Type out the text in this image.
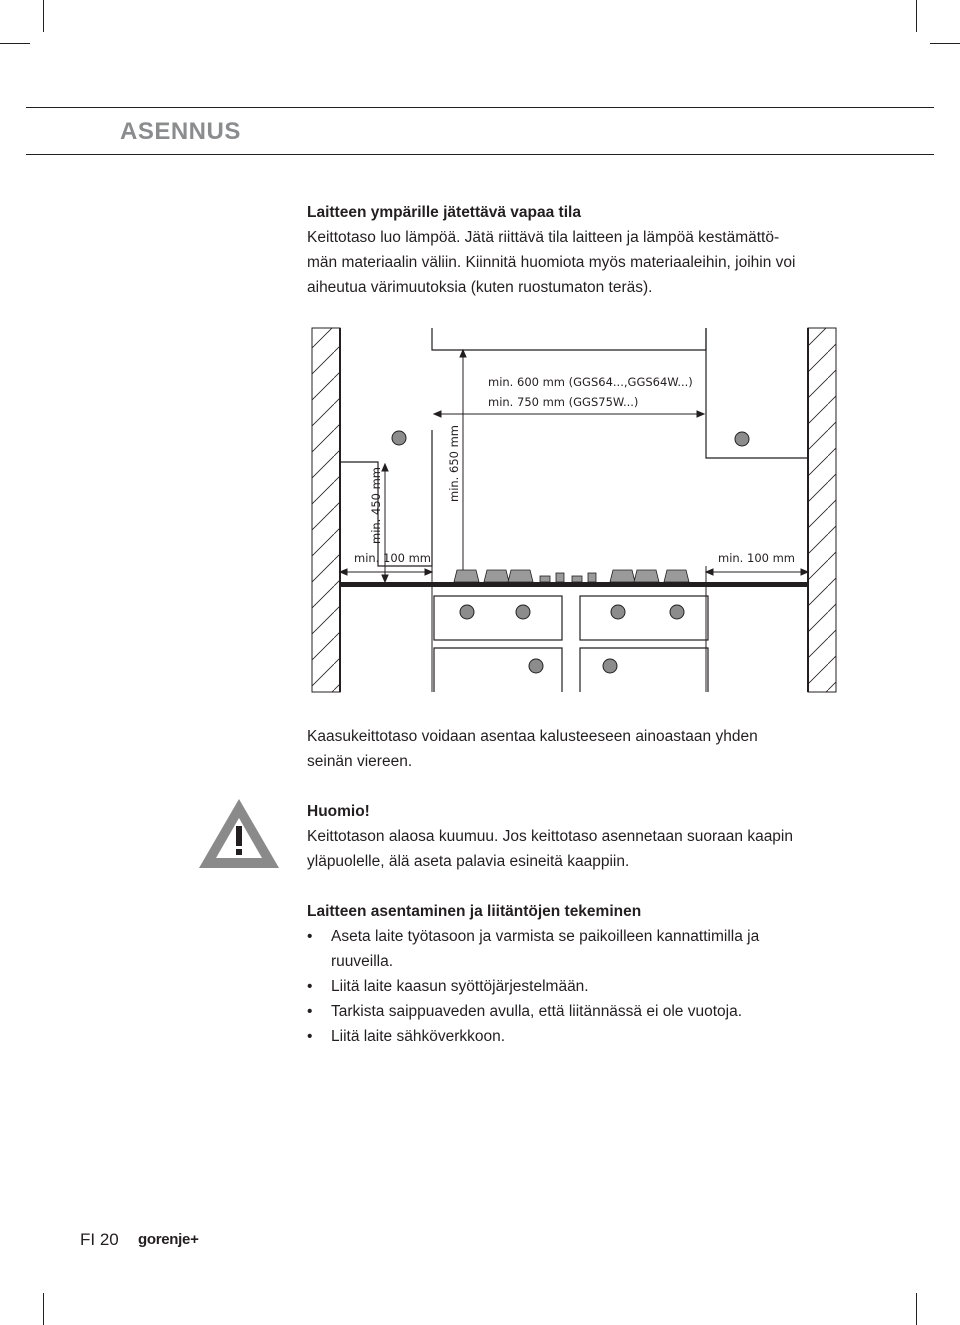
ASENNUS
Laitteen ympärille jätettävä vapaa tila
Keittotaso luo lämpöä. Jätä riittävä tila laitteen ja lämpöä kestämättö-
män materiaalin väliin. Kiinnitä huomiota myös materiaaleihin, joihin voi
aiheutua värimuutoksia (kuten ruostumaton teräs).
min. 600 mm (GGS64...,GGS64W...)
min. 750 mm (GGS75W...)
min. 650 mm
min. 450 mm
min. 100 mm	min. 100 mm
Kaasukeittotaso voidaan asentaa kalusteeseen ainoastaan yhden
seinän viereen.
Huomio!
Keittotason alaosa kuumuu. Jos keittotaso asennetaan suoraan kaapin
yläpuolelle, älä aseta palavia esineitä kaappiin.
Laitteen asentaminen ja liitäntöjen tekeminen
• Aseta laite työtasoon ja varmista se paikoilleen kannattimilla ja ruuveilla.
• Liitä laite kaasun syöttöjärjestelmään.
• Tarkista saippuaveden avulla, että liitännässä ei ole vuotoja.
• Liitä laite sähköverkkoon.
FI 20 gorenje+
